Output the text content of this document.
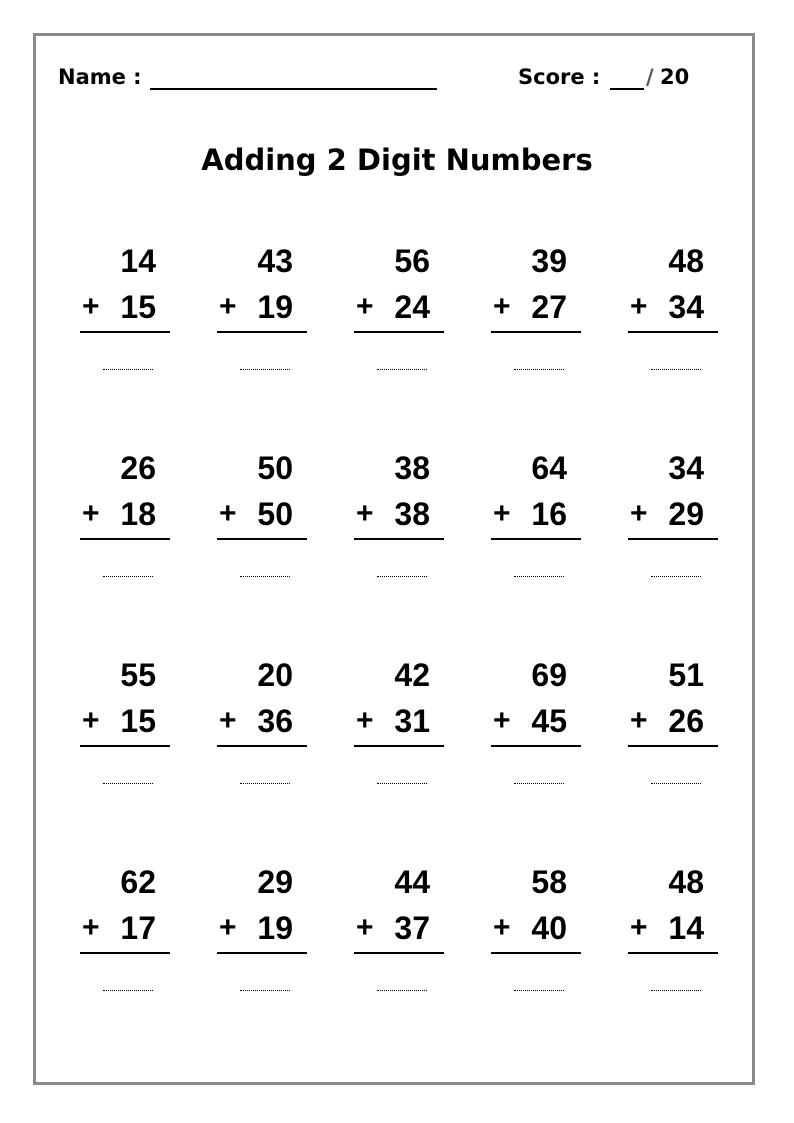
Name :	Score : / 20
Adding 2 Digit Numbers
14
+ 15
43
+ 19
56
+ 24
39
+ 27
48
+ 34
26
+ 18
50
+ 50
38
+ 38
64
+ 16
34
+ 29
55
+ 15
20
+ 36
42
+ 31
69
+ 45
51
+ 26
62
+ 17
29
+ 19
44
+ 37
58
+ 40
48
+ 14
